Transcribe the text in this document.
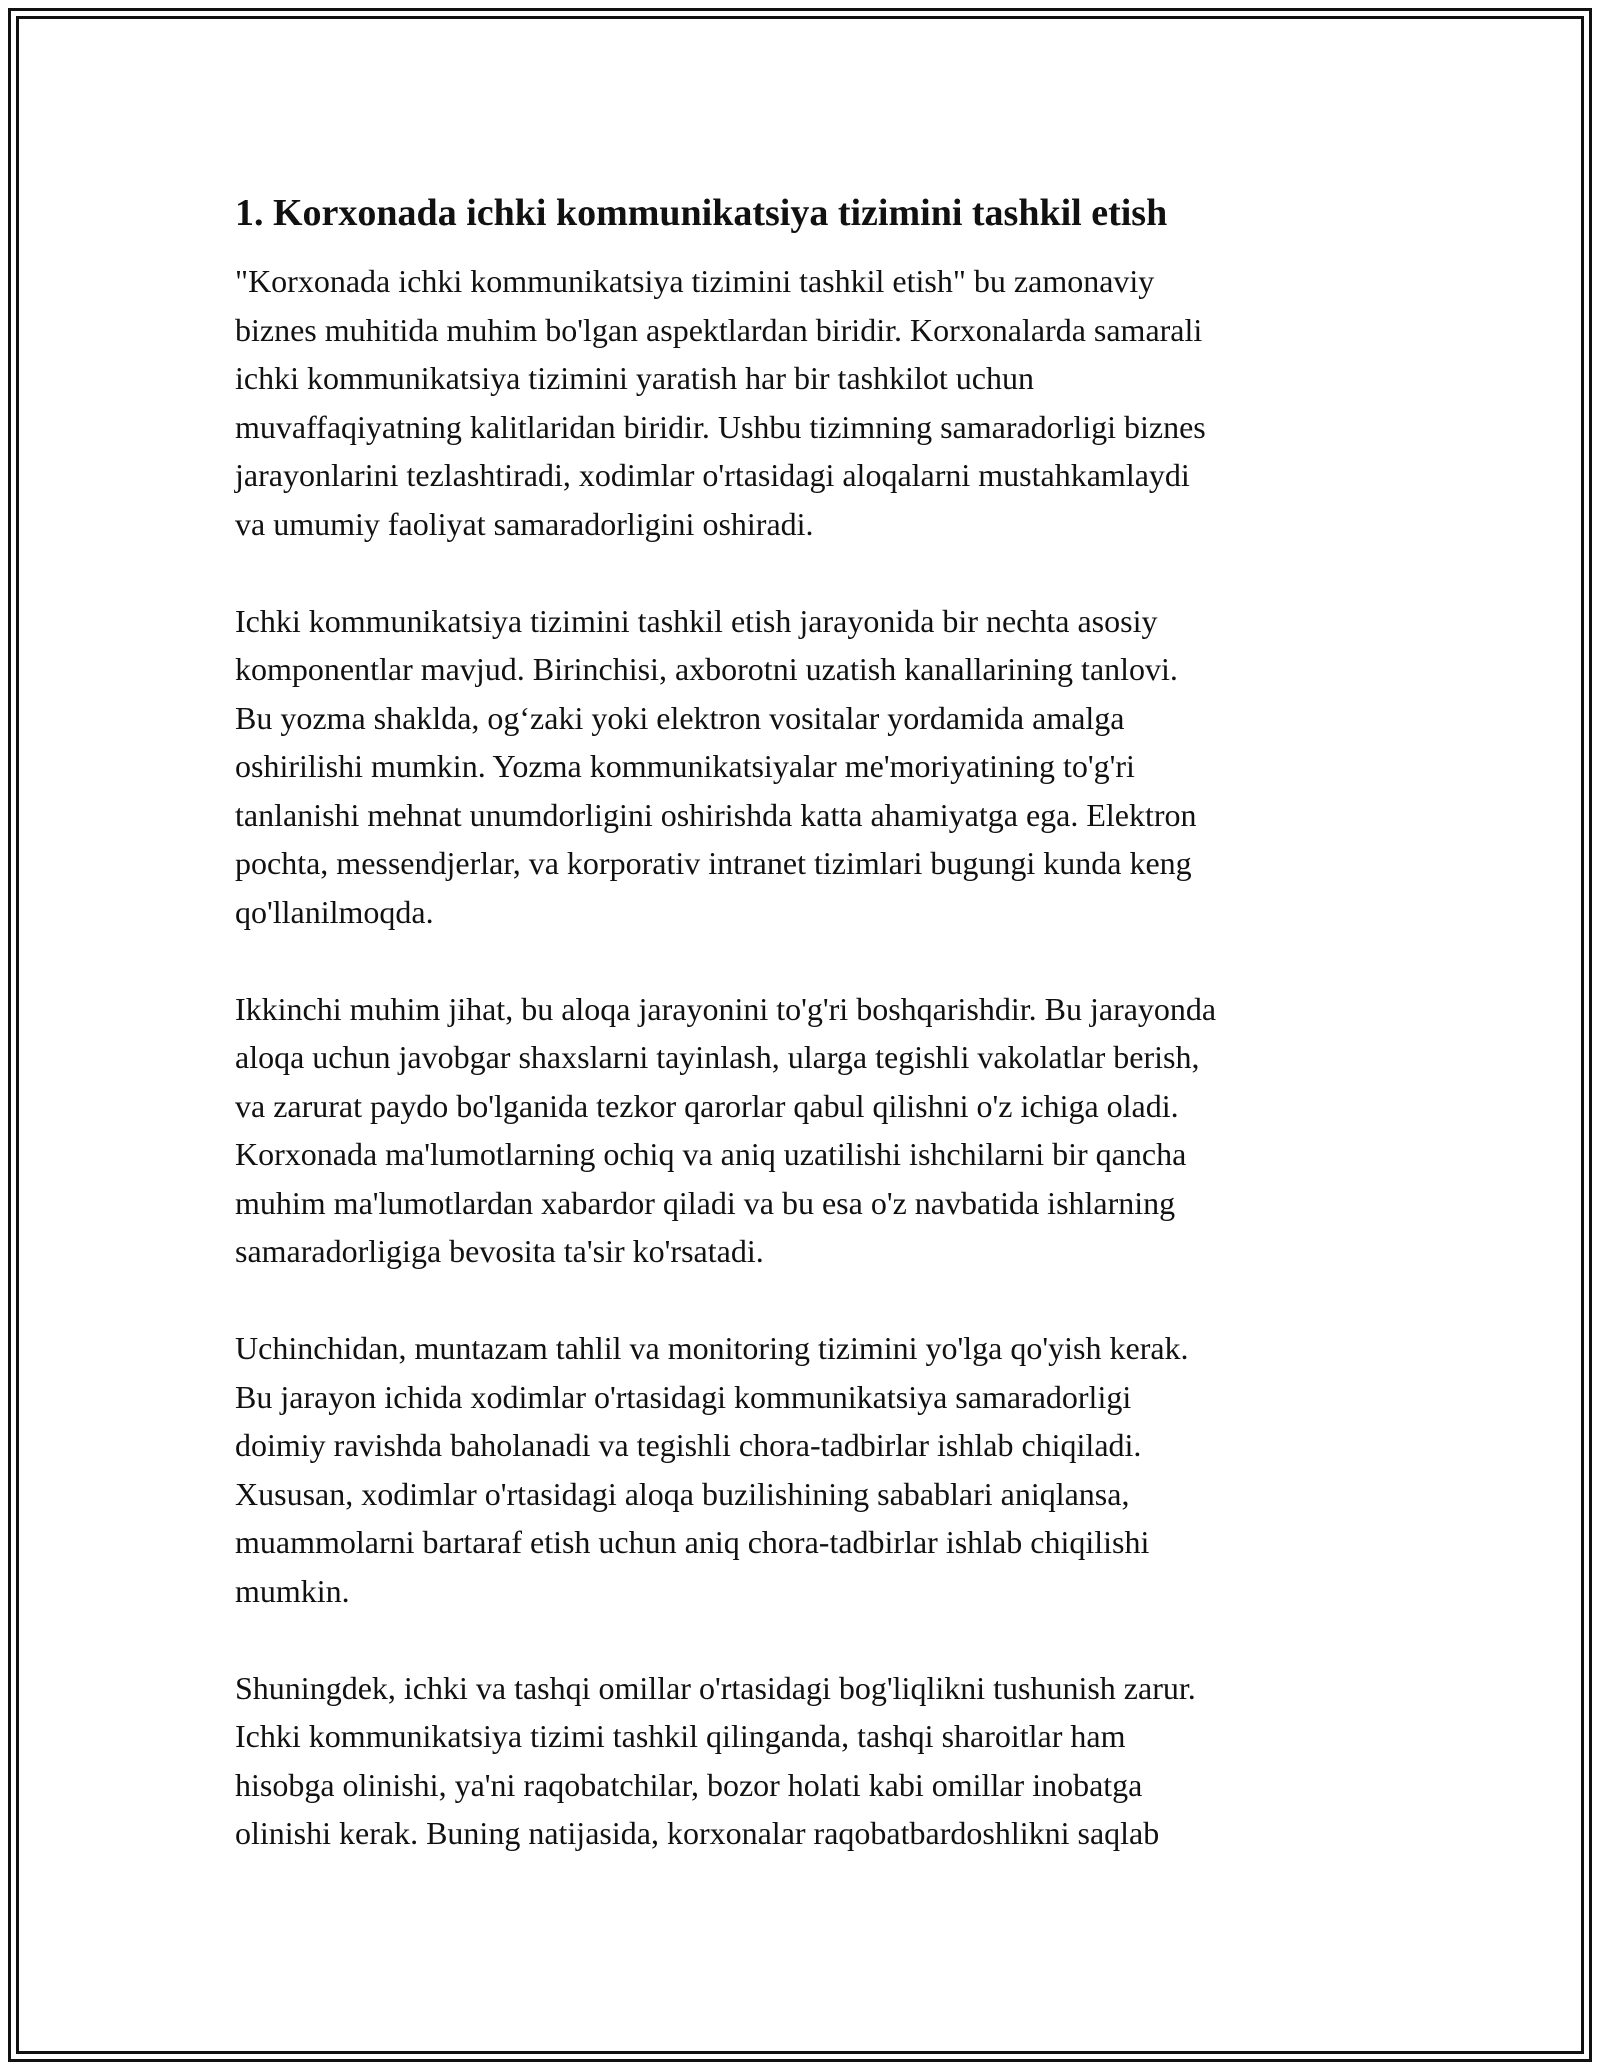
1. Korxonada ichki kommunikatsiya tizimini tashkil etish

"Korxonada ichki kommunikatsiya tizimini tashkil etish" bu zamonaviy
biznes muhitida muhim bo'lgan aspektlardan biridir. Korxonalarda samarali
ichki kommunikatsiya tizimini yaratish har bir tashkilot uchun
muvaffaqiyatning kalitlaridan biridir. Ushbu tizimning samaradorligi biznes
jarayonlarini tezlashtiradi, xodimlar o'rtasidagi aloqalarni mustahkamlaydi
va umumiy faoliyat samaradorligini oshiradi.

Ichki kommunikatsiya tizimini tashkil etish jarayonida bir nechta asosiy
komponentlar mavjud. Birinchisi, axborotni uzatish kanallarining tanlovi.
Bu yozma shaklda, og‘zaki yoki elektron vositalar yordamida amalga
oshirilishi mumkin. Yozma kommunikatsiyalar me'moriyatining to'g'ri
tanlanishi mehnat unumdorligini oshirishda katta ahamiyatga ega. Elektron
pochta, messendjerlar, va korporativ intranet tizimlari bugungi kunda keng
qo'llanilmoqda.

Ikkinchi muhim jihat, bu aloqa jarayonini to'g'ri boshqarishdir. Bu jarayonda
aloqa uchun javobgar shaxslarni tayinlash, ularga tegishli vakolatlar berish,
va zarurat paydo bo'lganida tezkor qarorlar qabul qilishni o'z ichiga oladi.
Korxonada ma'lumotlarning ochiq va aniq uzatilishi ishchilarni bir qancha
muhim ma'lumotlardan xabardor qiladi va bu esa o'z navbatida ishlarning
samaradorligiga bevosita ta'sir ko'rsatadi.

Uchinchidan, muntazam tahlil va monitoring tizimini yo'lga qo'yish kerak.
Bu jarayon ichida xodimlar o'rtasidagi kommunikatsiya samaradorligi
doimiy ravishda baholanadi va tegishli chora-tadbirlar ishlab chiqiladi.
Xususan, xodimlar o'rtasidagi aloqa buzilishining sabablari aniqlansa,
muammolarni bartaraf etish uchun aniq chora-tadbirlar ishlab chiqilishi
mumkin.

Shuningdek, ichki va tashqi omillar o'rtasidagi bog'liqlikni tushunish zarur.
Ichki kommunikatsiya tizimi tashkil qilinganda, tashqi sharoitlar ham
hisobga olinishi, ya'ni raqobatchilar, bozor holati kabi omillar inobatga
olinishi kerak. Buning natijasida, korxonalar raqobatbardoshlikni saqlab
